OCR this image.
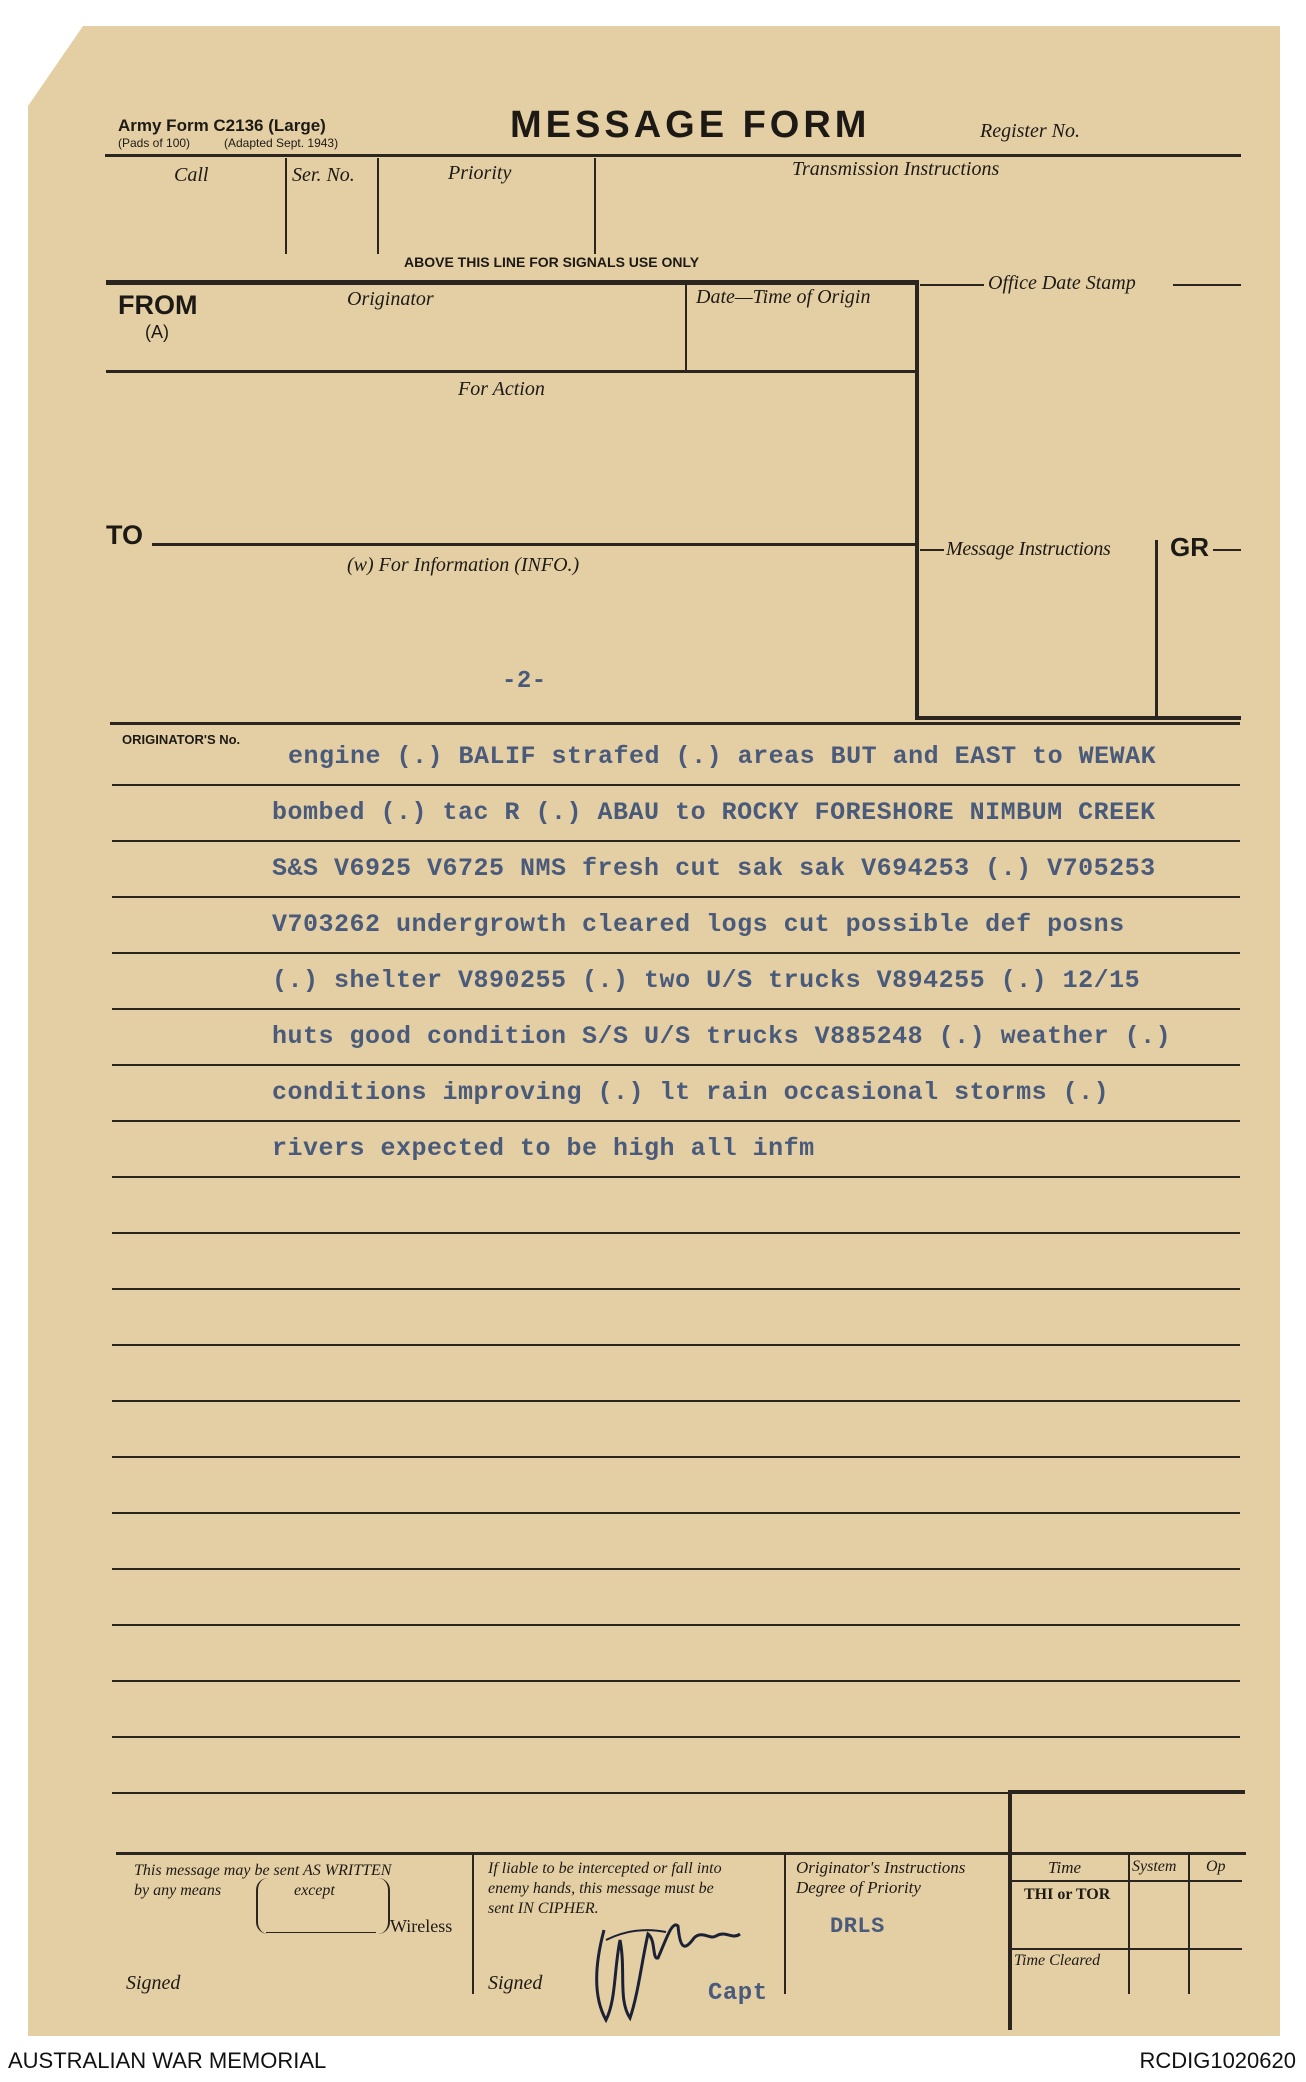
Army Form C2136 (Large)
(Pads of 100)	(Adapted Sept. 1943)	MESSAGE FORM	Register No.
Call	Ser. No.	Priority	Transmission Instructions
ABOVE THIS LINE FOR SIGNALS USE ONLY
FROM
(A)
Originator	Date—Time of Origin
Office Date Stamp
For Action
TO
(w) For Information (INFO.)
Message Instructions GR
-2-
ORIGINATOR'S No.
engine (.) BALIF strafed (.) areas BUT and EAST to WEWAK
bombed (.) tac R (.) ABAU to ROCKY FORESHORE NIMBUM CREEK
S&S V6925 V6725 NMS fresh cut sak sak V694253 (.) V705253
V703262 undergrowth cleared logs cut possible def posns
(.) shelter V890255 (.) two U/S trucks V894255 (.) 12/15
huts good condition S/S U/S trucks V885248 (.) weather (.)
conditions improving (.) lt rain occasional storms (.)
rivers expected to be high all infm
This message may be sent AS WRITTEN
by any means	except
Wireless
Signed
If liable to be intercepted or fall into
enemy hands, this message must be
sent IN CIPHER.
Signed	Capt
Originator's Instructions
Degree of Priority
DRLS
Time	System Op
THI or TOR
Time Cleared
AUSTRALIAN WAR MEMORIAL	RCDIG1020620
